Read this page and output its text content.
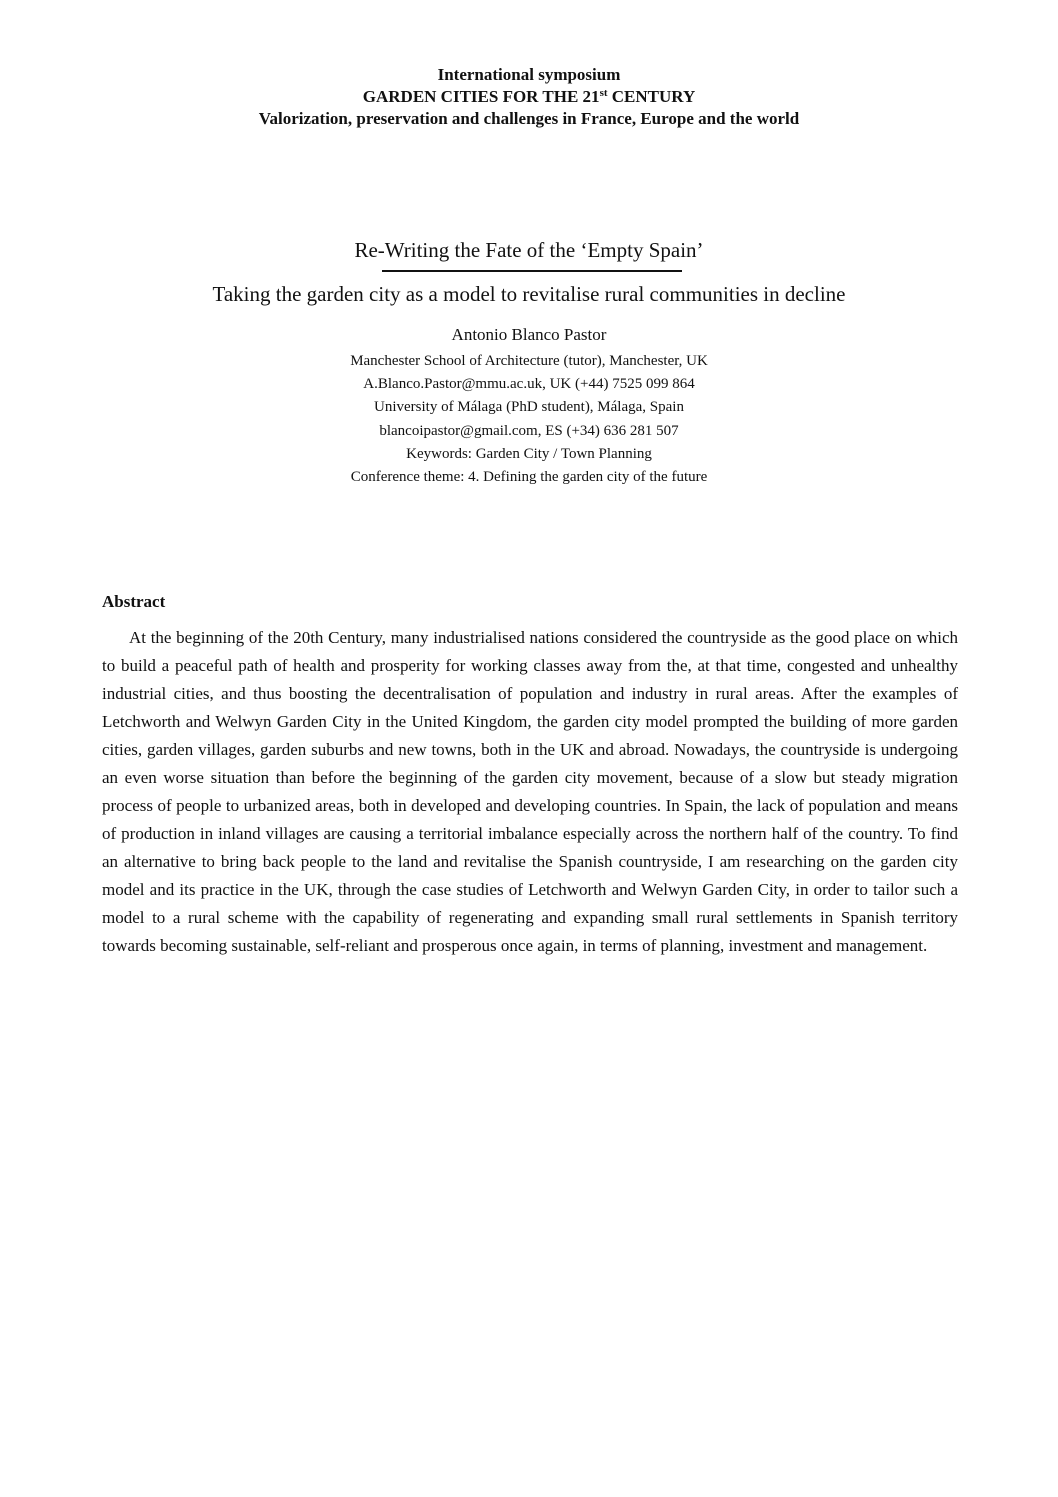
International symposium
GARDEN CITIES FOR THE 21st CENTURY
Valorization, preservation and challenges in France, Europe and the world
Re-Writing the Fate of the ‘Empty Spain’
Taking the garden city as a model to revitalise rural communities in decline
Antonio Blanco Pastor
Manchester School of Architecture (tutor), Manchester, UK
A.Blanco.Pastor@mmu.ac.uk, UK (+44) 7525 099 864
University of Málaga (PhD student), Málaga, Spain
blancoipastor@gmail.com, ES (+34) 636 281 507
Keywords: Garden City / Town Planning
Conference theme: 4. Defining the garden city of the future
Abstract

At the beginning of the 20th Century, many industrialised nations considered the countryside as the good place on which to build a peaceful path of health and prosperity for working classes away from the, at that time, congested and unhealthy industrial cities, and thus boosting the decentralisation of population and industry in rural areas. After the examples of Letchworth and Welwyn Garden City in the United Kingdom, the garden city model prompted the building of more garden cities, garden villages, garden suburbs and new towns, both in the UK and abroad. Nowadays, the countryside is undergoing an even worse situation than before the beginning of the garden city movement, because of a slow but steady migration process of people to urbanized areas, both in developed and developing countries. In Spain, the lack of population and means of production in inland villages are causing a territorial imbalance especially across the northern half of the country. To find an alternative to bring back people to the land and revitalise the Spanish countryside, I am researching on the garden city model and its practice in the UK, through the case studies of Letchworth and Welwyn Garden City, in order to tailor such a model to a rural scheme with the capability of regenerating and expanding small rural settlements in Spanish territory towards becoming sustainable, self-reliant and prosperous once again, in terms of planning, investment and management.
